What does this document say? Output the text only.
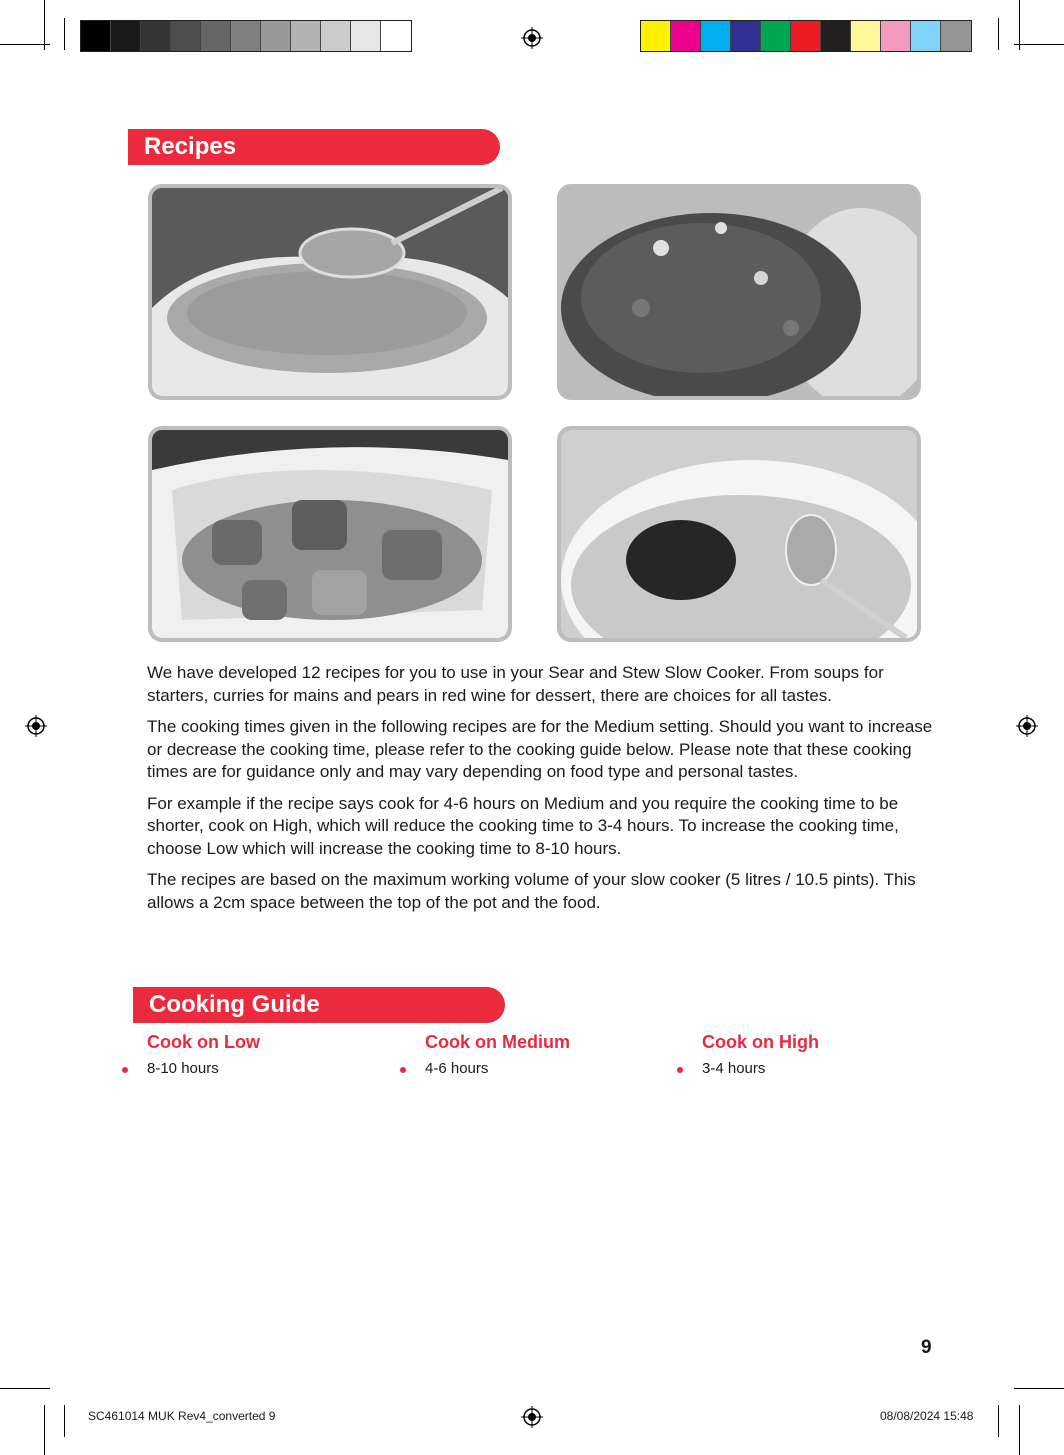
Recipes

We have developed 12 recipes for you to use in your Sear and Stew Slow Cooker. From soups for starters, curries for mains and pears in red wine for dessert, there are choices for all tastes.

The cooking times given in the following recipes are for the Medium setting. Should you want to increase or decrease the cooking time, please refer to the cooking guide below. Please note that these cooking times are for guidance only and may vary depending on food type and personal tastes.

For example if the recipe says cook for 4-6 hours on Medium and you require the cooking time to be shorter, cook on High, which will reduce the cooking time to 3-4 hours. To increase the cooking time, choose Low which will increase the cooking time to 8-10 hours.

The recipes are based on the maximum working volume of your slow cooker (5 litres / 10.5 pints). This allows a 2cm space between the top of the pot and the food.

Cooking Guide
Cook on Low
8-10 hours
Cook on Medium
4-6 hours
Cook on High
3-4 hours
9
SC461014 MUK Rev4_converted 9	08/08/2024 15:48
